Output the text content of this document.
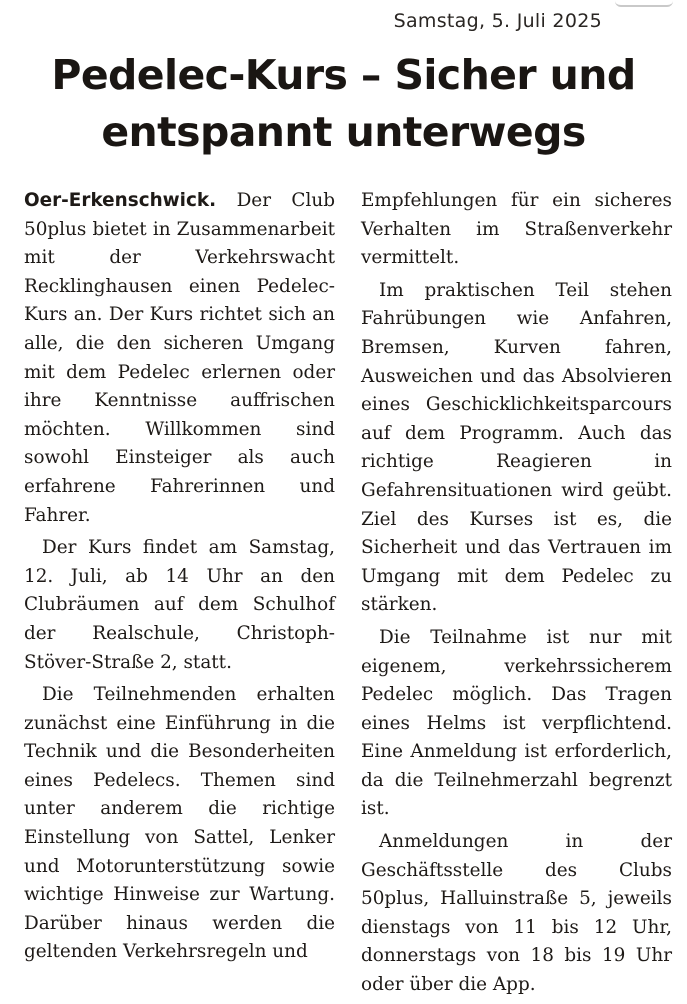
Samstag, 5. Juli 2025
Pedelec-Kurs – Sicher und
entspannt unterwegs

Oer-Erkenschwick. Der Club 50plus bietet in Zusammenarbeit mit der Verkehrswacht Recklinghausen einen Pedelec-Kurs an. Der Kurs richtet sich an alle, die den sicheren Umgang mit dem Pedelec erlernen oder ihre Kenntnisse auffrischen möchten. Willkommen sind sowohl Einsteiger als auch erfahrene Fahrerinnen und Fahrer.

Der Kurs findet am Samstag, 12. Juli, ab 14 Uhr an den Clubräumen auf dem Schulhof der Realschule, Christoph-Stöver-Straße 2, statt.

Die Teilnehmenden erhalten zunächst eine Einführung in die Technik und die Besonderheiten eines Pedelecs. Themen sind unter anderem die richtige Einstellung von Sattel, Lenker und Motorunterstützung sowie wichtige Hinweise zur Wartung. Darüber hinaus werden die geltenden Verkehrsregeln und

Empfehlungen für ein sicheres Verhalten im Straßenverkehr vermittelt.

Im praktischen Teil stehen Fahrübungen wie Anfahren, Bremsen, Kurven fahren, Ausweichen und das Absolvieren eines Geschicklichkeitsparcours auf dem Programm. Auch das richtige Reagieren in Gefahrensituationen wird geübt. Ziel des Kurses ist es, die Sicherheit und das Vertrauen im Umgang mit dem Pedelec zu stärken.

Die Teilnahme ist nur mit eigenem, verkehrssicherem Pedelec möglich. Das Tragen eines Helms ist verpflichtend. Eine Anmeldung ist erforderlich, da die Teilnehmerzahl begrenzt ist.

Anmeldungen in der Geschäftsstelle des Clubs 50plus, Halluinstraße 5, jeweils dienstags von 11 bis 12 Uhr, donnerstags von 18 bis 19 Uhr oder über die App.
